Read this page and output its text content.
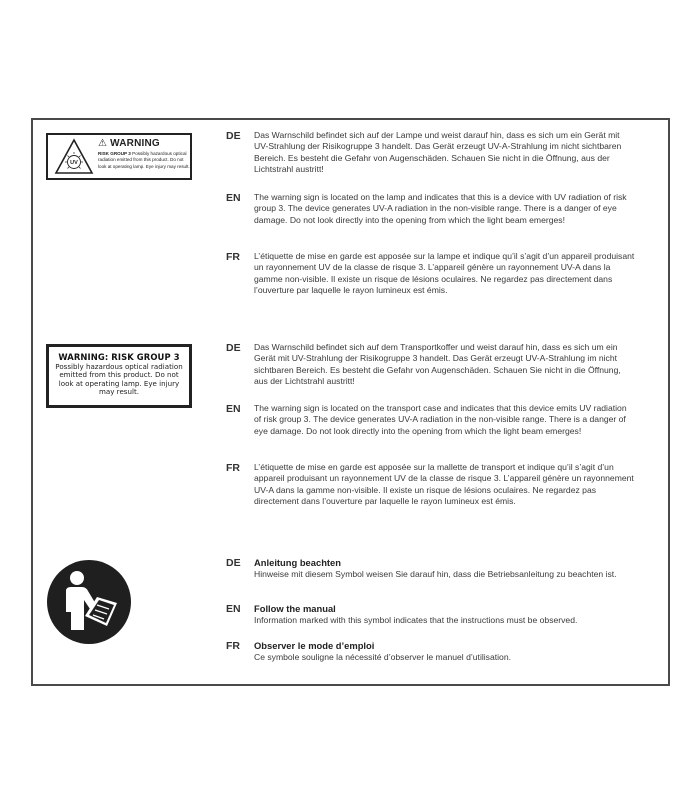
UV
⚠ WARNING
RISK GROUP 3 Possibly hazardous optical radiation emitted from this product. Do not look at operating lamp. Eye injury may result.
WARNING: RISK GROUP 3
Possibly hazardous optical radiation emitted from this product. Do not look at operating lamp. Eye injury may result.
DE	Das Warnschild befindet sich auf der Lampe und weist darauf hin, dass es sich um ein Gerät mit UV-Strahlung der Risikogruppe 3 handelt. Das Gerät erzeugt UV-A-Strahlung im nicht sichtbaren Bereich. Es besteht die Gefahr von Augenschäden. Schauen Sie nicht in die Öffnung, aus der Lichtstrahl austritt!
EN	The warning sign is located on the lamp and indicates that this is a device with UV radiation of risk group 3. The device generates UV-A radiation in the non-visible range. There is a danger of eye damage. Do not look directly into the opening from which the light beam emerges!
FR	L’étiquette de mise en garde est apposée sur la lampe et indique qu’il s’agit d’un appareil produisant un rayonnement UV de la classe de risque 3. L’appareil génère un rayonnement UV-A dans la gamme non-visible. Il existe un risque de lésions oculaires. Ne regardez pas directement dans l’ouverture par laquelle le rayon lumineux est émis.
DE	Das Warnschild befindet sich auf dem Transportkoffer und weist darauf hin, dass es sich um ein Gerät mit UV-Strahlung der Risikogruppe 3 handelt. Das Gerät erzeugt UV-A-Strahlung im nicht sichtbaren Bereich. Es besteht die Gefahr von Augenschäden. Schauen Sie nicht in die Öffnung, aus der Lichtstrahl austritt!
EN	The warning sign is located on the transport case and indicates that this device emits UV radiation of risk group 3. The device generates UV-A radiation in the non-visible range. There is a danger of eye damage. Do not look directly into the opening from which the light beam emerges!
FR	L’étiquette de mise en garde est apposée sur la mallette de transport et indique qu’il s’agit d’un appareil produisant un rayonnement UV de la classe de risque 3. L’appareil génère un rayonnement UV-A dans la gamme non-visible. Il existe un risque de lésions oculaires. Ne regardez pas directement dans l’ouverture par laquelle le rayon lumineux est émis.
DE	Anleitung beachten
Hinweise mit diesem Symbol weisen Sie darauf hin, dass die Betriebsanleitung zu beachten ist.
EN	Follow the manual
Information marked with this symbol indicates that the instructions must be observed.
FR	Observer le mode d’emploi
Ce symbole souligne la nécessité d’observer le manuel d’utilisation.
